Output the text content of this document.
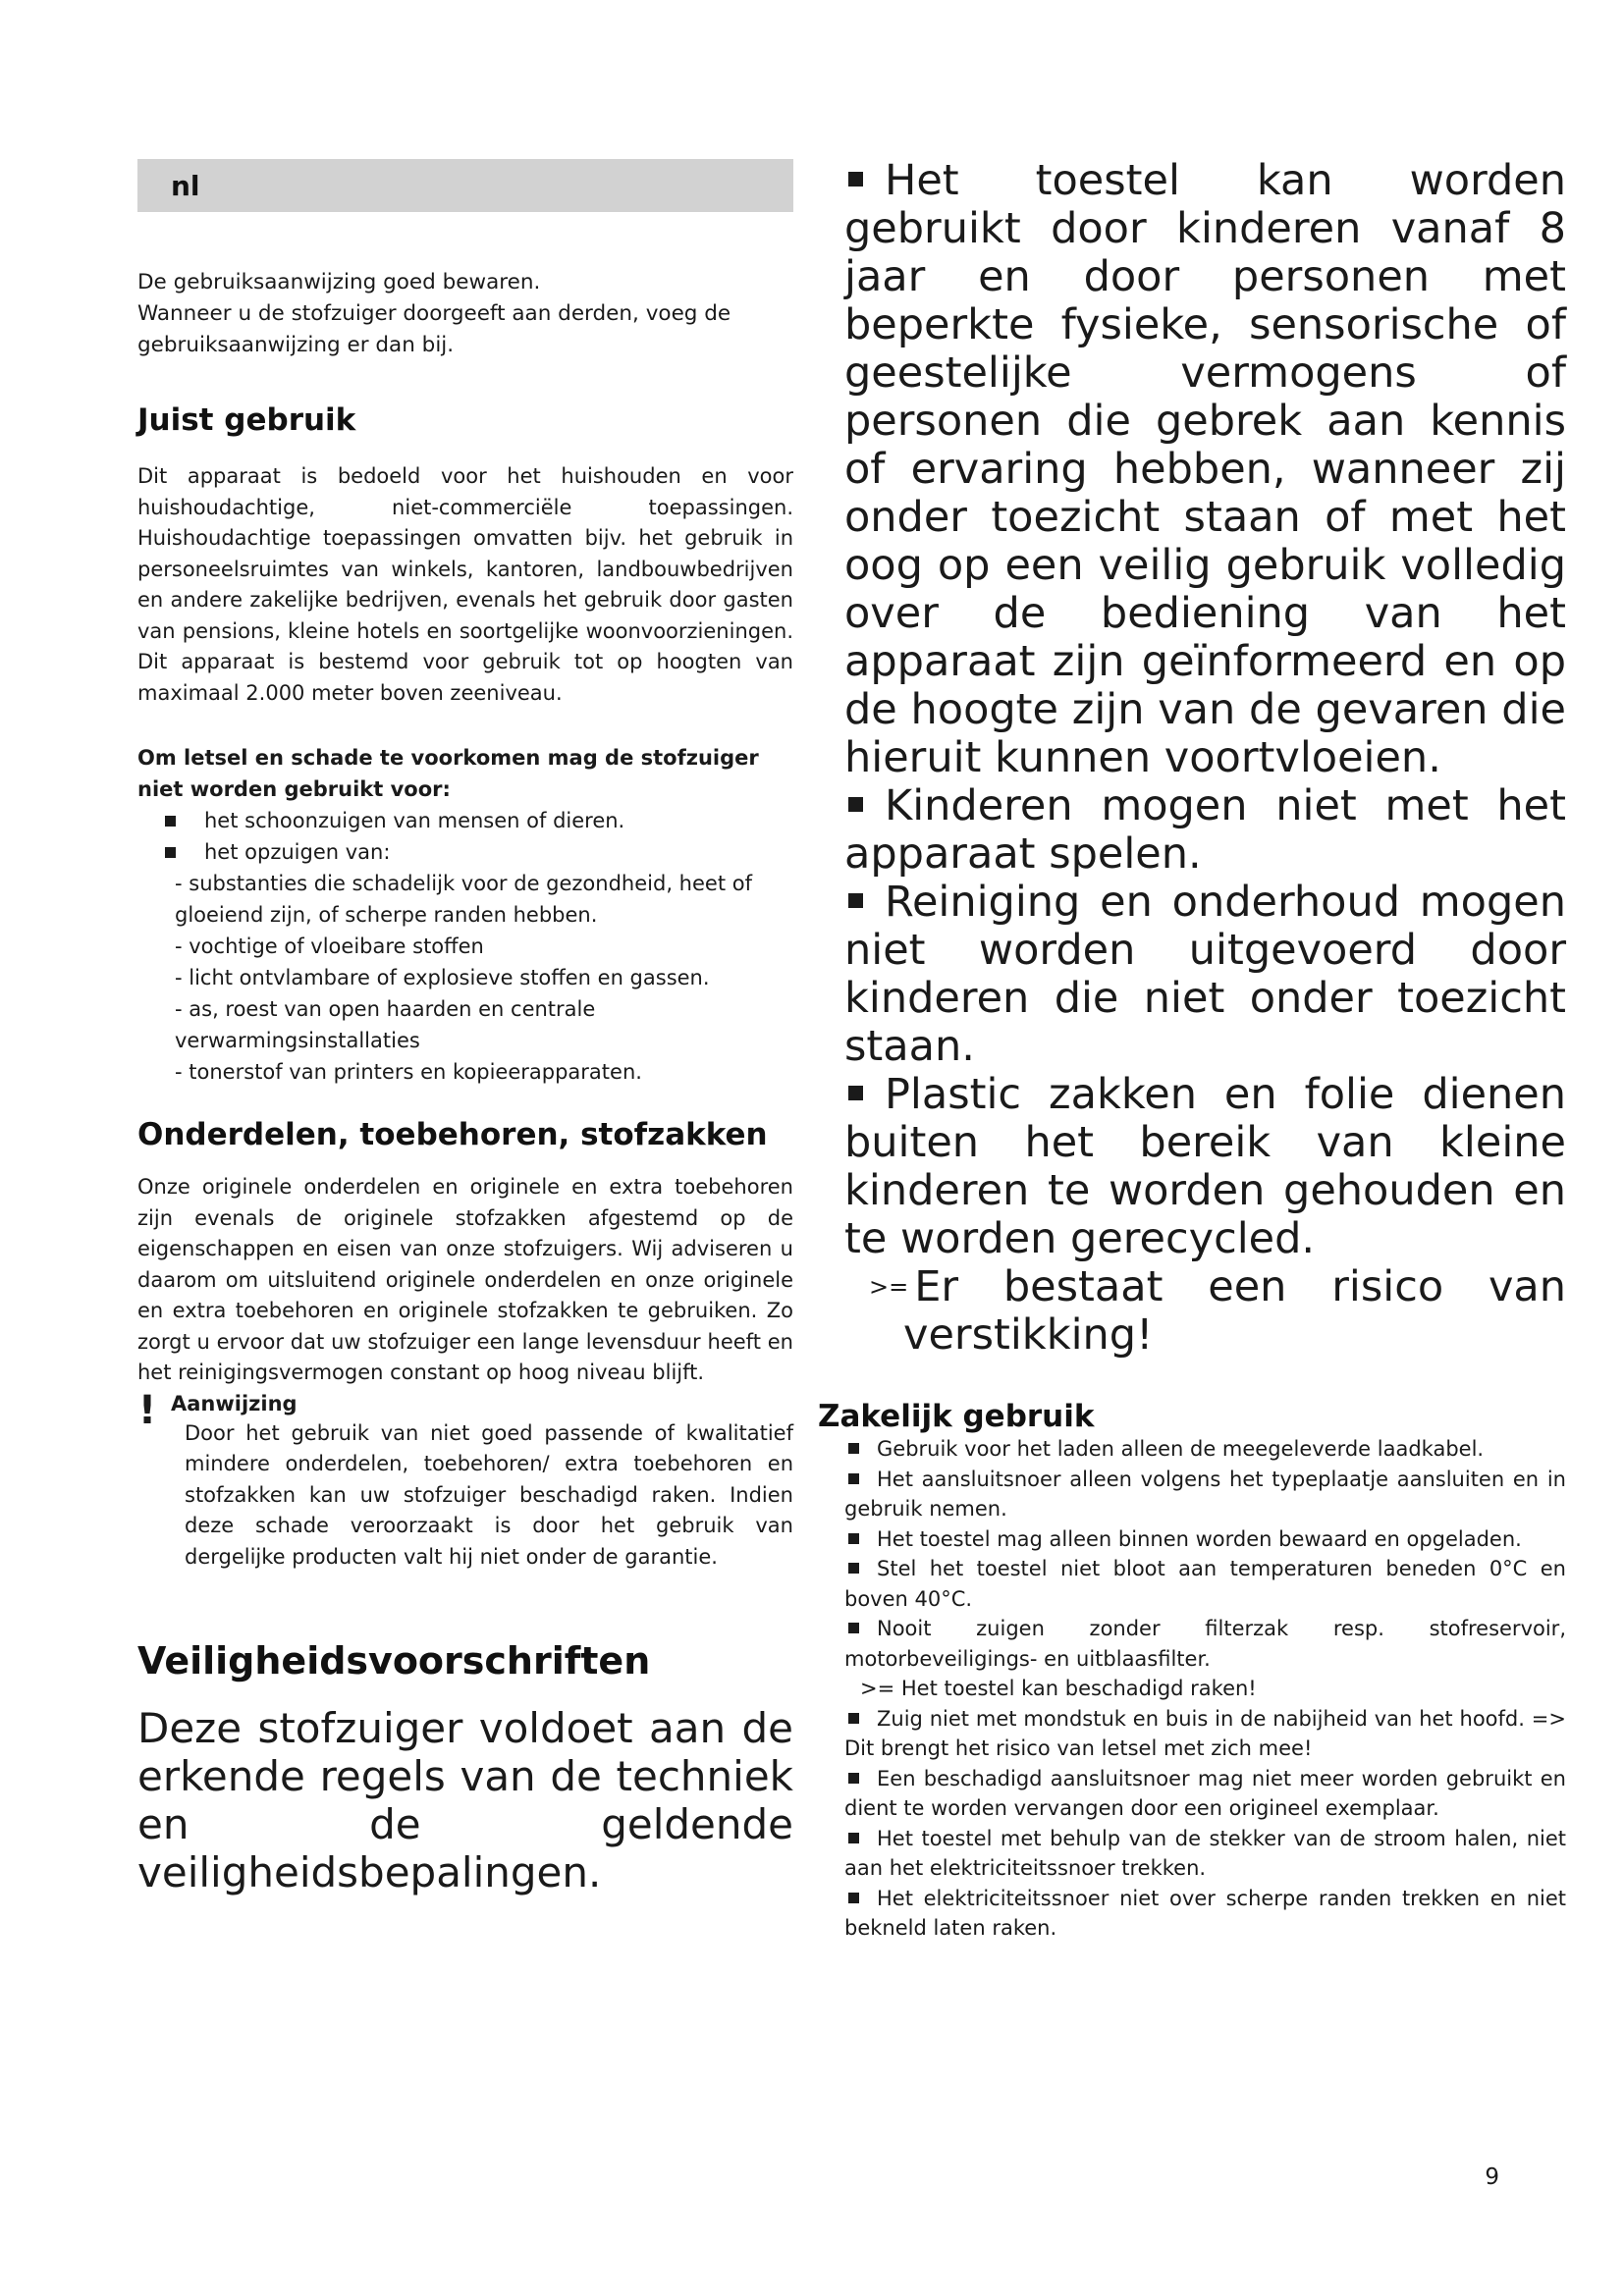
nl

De gebruiksaanwijzing goed bewaren.

Wanneer u de stofzuiger doorgeeft aan derden, voeg de gebruiksaanwijzing er dan bij.

Juist gebruik

Dit apparaat is bedoeld voor het huishouden en voor huishoudachtige, niet-commerciële toepassingen. Huishoudachtige toepassingen omvatten bijv. het gebruik in personeelsruimtes van winkels, kantoren, landbouwbedrijven en andere zakelijke bedrijven, evenals het gebruik door gasten van pensions, kleine hotels en soortgelijke woonvoorzieningen. Dit apparaat is bestemd voor gebruik tot op hoogten van maximaal 2.000 meter boven zeeniveau.

Om letsel en schade te voorkomen mag de stofzuiger niet worden gebruikt voor:
het schoonzuigen van mensen of dieren.
het opzuigen van:
- substanties die schadelijk voor de gezondheid, heet of gloeiend zijn, of scherpe randen hebben.
- vochtige of vloeibare stoffen
- licht ontvlambare of explosieve stoffen en gassen.
- as, roest van open haarden en centrale verwarmingsinstallaties
- tonerstof van printers en kopieerapparaten.
Onderdelen, toebehoren, stofzakken

Onze originele onderdelen en originele en extra toebehoren zijn evenals de originele stofzakken afgestemd op de eigenschappen en eisen van onze stofzuigers. Wij adviseren u daarom om uitsluitend originele onderdelen en onze originele en extra toebehoren en originele stofzakken te gebruiken. Zo zorgt u ervoor dat uw stofzuiger een lange levensduur heeft en het reinigingsvermogen constant op hoog niveau blijft.

! Aanwijzing
Door het gebruik van niet goed passende of kwalitatief mindere onderdelen, toebehoren/ extra toebehoren en stofzakken kan uw stofzuiger beschadigd raken. Indien deze schade veroorzaakt is door het gebruik van dergelijke producten valt hij niet onder de garantie.
Veiligheidsvoorschriften

Deze stofzuiger voldoet aan de erkende regels van de techniek en de geldende veiligheidsbepalingen.

Het toestel kan worden gebruikt door kinderen vanaf 8 jaar en door personen met beperkte fysieke, sensorische of geestelijke vermogens of personen die gebrek aan kennis of ervaring hebben, wanneer zij onder toezicht staan of met het oog op een veilig gebruik volledig over de bediening van het apparaat zijn geïnformeerd en op de hoogte zijn van de gevaren die hieruit kunnen voortvloeien.
Kinderen mogen niet met het apparaat spelen.
Reiniging en onderhoud mogen niet worden uitgevoerd door kinderen die niet onder toezicht staan.
Plastic zakken en folie dienen buiten het bereik van kleine kinderen te worden gehouden en te worden gerecycled.
>= Er bestaat een risico van verstikking!
Zakelijk gebruik
Gebruik voor het laden alleen de meegeleverde laadkabel.
Het aansluitsnoer alleen volgens het typeplaatje aansluiten en in gebruik nemen.
Het toestel mag alleen binnen worden bewaard en opgeladen.
Stel het toestel niet bloot aan temperaturen beneden 0°C en boven 40°C.
Nooit zuigen zonder filterzak resp. stofreservoir, motorbeveiligings- en uitblaasfilter.
>= Het toestel kan beschadigd raken!
Zuig niet met mondstuk en buis in de nabijheid van het hoofd. => Dit brengt het risico van letsel met zich mee!
Een beschadigd aansluitsnoer mag niet meer worden gebruikt en dient te worden vervangen door een origineel exemplaar.
Het toestel met behulp van de stekker van de stroom halen, niet aan het elektriciteitssnoer trekken.
Het elektriciteitssnoer niet over scherpe randen trekken en niet bekneld laten raken.
9
